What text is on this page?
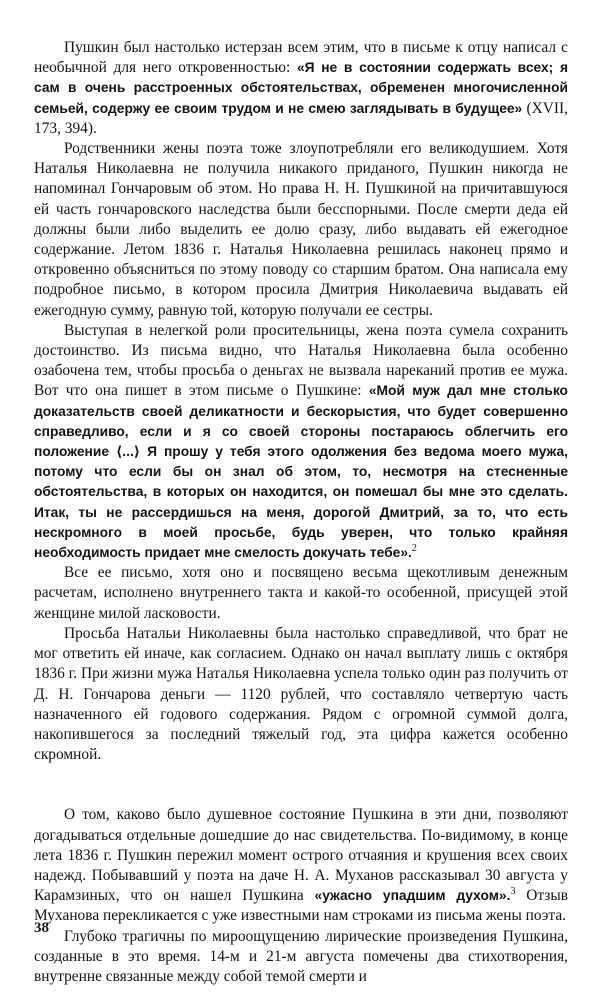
Пушкин был настолько истерзан всем этим, что в письме к отцу написал с необычной для него откровенностью: «Я не в состоянии содержать всех; я сам в очень расстроенных обстоятельствах, обременен многочисленной семьей, содержу ее своим трудом и не смею заглядывать в будущее» (XVII, 173, 394).

Родственники жены поэта тоже злоупотребляли его великодушием. Хотя Наталья Николаевна не получила никакого приданого, Пушкин никогда не напоминал Гончаровым об этом. Но права Н. Н. Пушкиной на причитавшуюся ей часть гончаровского наследства были бесспорными. После смерти деда ей должны были либо выделить ее долю сразу, либо выдавать ей ежегодное содержание. Летом 1836 г. Наталья Николаевна решилась наконец прямо и откровенно объясниться по этому поводу со старшим братом. Она написала ему подробное письмо, в котором просила Дмитрия Николаевича выдавать ей ежегодную сумму, равную той, которую получали ее сестры.

Выступая в нелегкой роли просительницы, жена поэта сумела сохранить достоинство. Из письма видно, что Наталья Николаевна была особенно озабочена тем, чтобы просьба о деньгах не вызвала нареканий против ее мужа. Вот что она пишет в этом письме о Пушкине: «Мой муж дал мне столько доказательств своей деликатности и бескорыстия, что будет совершенно справедливо, если и я со своей стороны постараюсь облегчить его положение ⟨...⟩ Я прошу у тебя этого одолжения без ведома моего мужа, потому что если бы он знал об этом, то, несмотря на стесненные обстоятельства, в которых он находится, он помешал бы мне это сделать. Итак, ты не рассердишься на меня, дорогой Дмитрий, за то, что есть нескромного в моей просьбе, будь уверен, что только крайняя необходимость придает мне смелость докучать тебе».$^2$

Все ее письмо, хотя оно и посвящено весьма щекотливым денежным расчетам, исполнено внутреннего такта и какой-то особенной, присущей этой женщине милой ласковости.

Просьба Натальи Николаевны была настолько справедливой, что брат не мог ответить ей иначе, как согласием. Однако он начал выплату лишь с октября 1836 г. При жизни мужа Наталья Николаевна успела только один раз получить от Д. Н. Гончарова деньги — 1120 рублей, что составляло четвертую часть назначенного ей годового содержания. Рядом с огромной суммой долга, накопившегося за последний тяжелый год, эта цифра кажется особенно скромной.

О том, каково было душевное состояние Пушкина в эти дни, позволяют догадываться отдельные дошедшие до нас свидетельства. По-видимому, в конце лета 1836 г. Пушкин пережил момент острого отчаяния и крушения всех своих надежд. Побывавший у поэта на даче Н. А. Муханов рассказывал 30 августа у Карамзиных, что он нашел Пушкина «ужасно упадшим духом».$^3$ Отзыв Муханова перекликается с уже известными нам строками из письма жены поэта.

Глубоко трагичны по мироощущению лирические произведения Пушкина, созданные в это время. 14-м и 21-м августа помечены два стихотворения, внутренне связанные между собой темой смерти и

38
